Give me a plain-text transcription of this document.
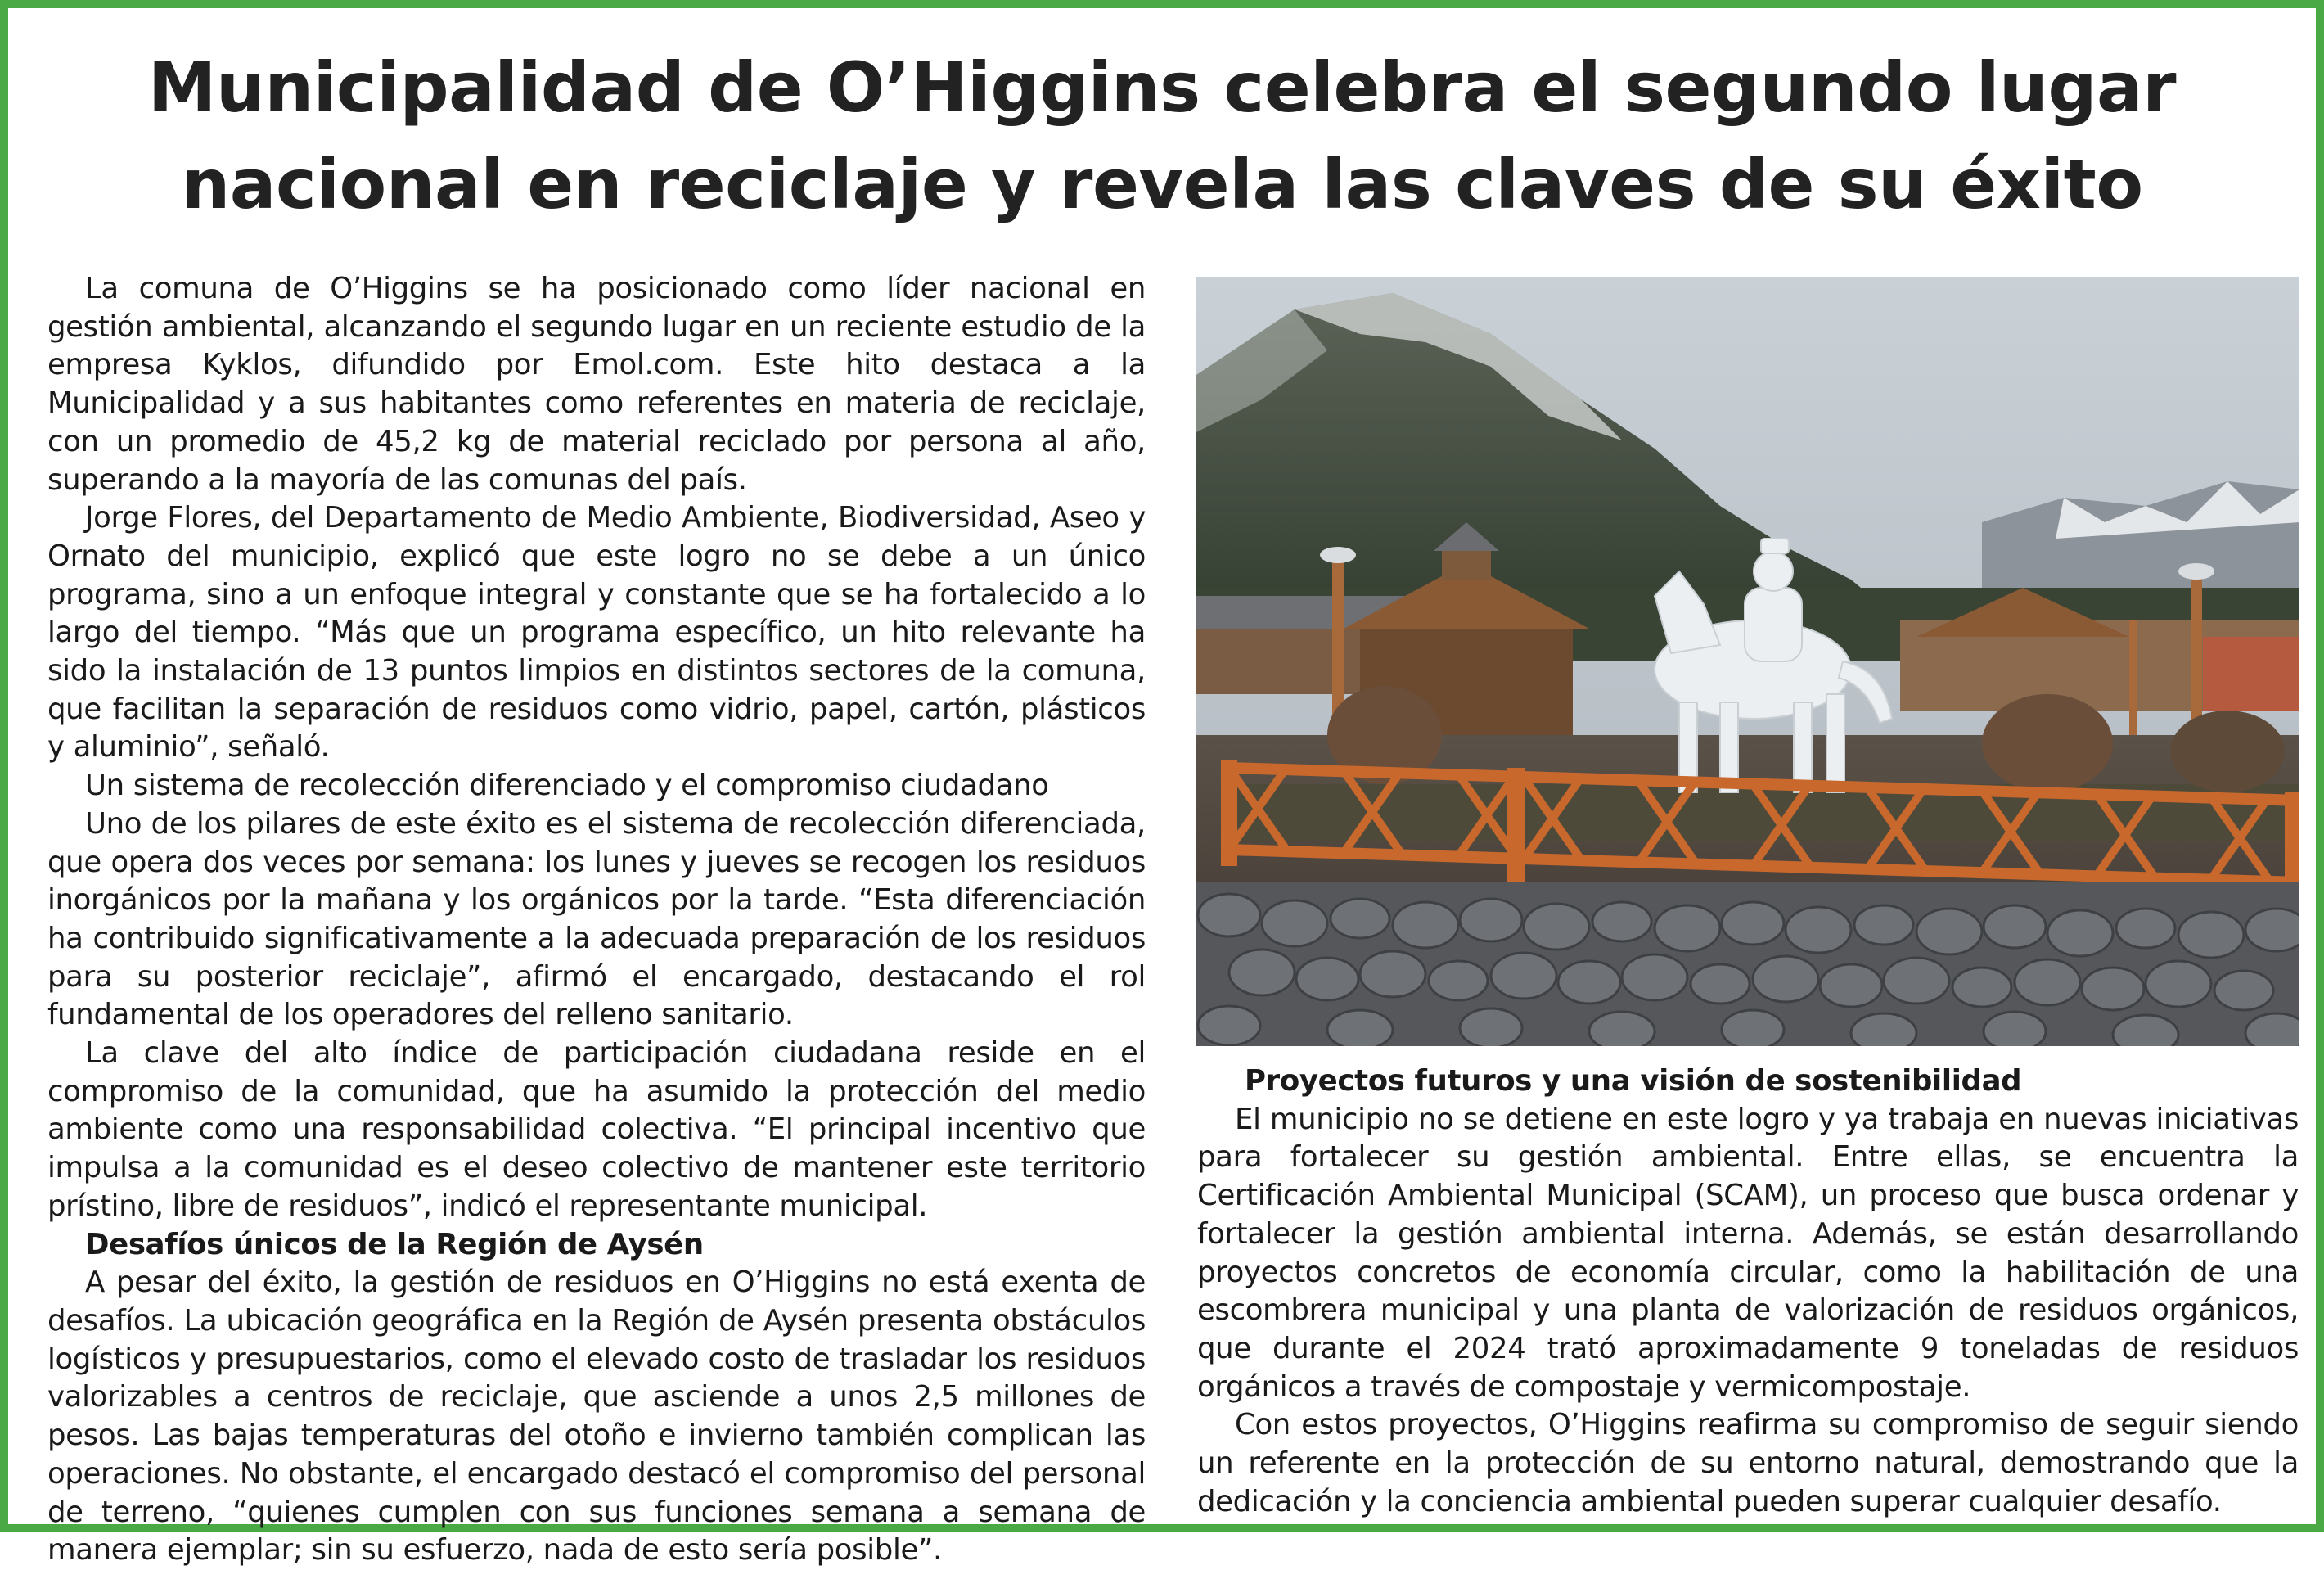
Municipalidad de O’Higgins celebra el segundo lugar nacional en reciclaje y revela las claves de su éxito

La comuna de O’Higgins se ha posicionado como líder nacional en gestión ambiental, alcanzando el segundo lugar en un reciente estudio de la empresa Kyklos, difundido por Emol.com. Este hito destaca a la Municipalidad y a sus habitantes como referentes en materia de reciclaje, con un promedio de 45,2 kg de material reciclado por persona al año, superando a la mayoría de las comunas del país.

Jorge Flores, del Departamento de Medio Ambiente, Biodiversidad, Aseo y Ornato del municipio, explicó que este logro no se debe a un único programa, sino a un enfoque integral y constante que se ha fortalecido a lo largo del tiempo. “Más que un programa específico, un hito relevante ha sido la instalación de 13 puntos limpios en distintos sectores de la comuna, que facilitan la separación de residuos como vidrio, papel, cartón, plásticos y aluminio”, señaló.

Un sistema de recolección diferenciado y el compromiso ciudadano

Uno de los pilares de este éxito es el sistema de recolección diferenciada, que opera dos veces por semana: los lunes y jueves se recogen los residuos inorgánicos por la mañana y los orgánicos por la tarde. “Esta diferenciación ha contribuido significativamente a la adecuada preparación de los residuos para su posterior reciclaje”, afirmó el encargado, destacando el rol fundamental de los operadores del relleno sanitario.

La clave del alto índice de participación ciudadana reside en el compromiso de la comunidad, que ha asumido la protección del medio ambiente como una responsabilidad colectiva. “El principal incentivo que impulsa a la comunidad es el deseo colectivo de mantener este territorio prístino, libre de residuos”, indicó el representante municipal.

Desafíos únicos de la Región de Aysén

A pesar del éxito, la gestión de residuos en O’Higgins no está exenta de desafíos. La ubicación geográfica en la Región de Aysén presenta obstáculos logísticos y presupuestarios, como el elevado costo de trasladar los residuos valorizables a centros de reciclaje, que asciende a unos 2,5 millones de pesos. Las bajas temperaturas del otoño e invierno también complican las operaciones. No obstante, el encargado destacó el compromiso del personal de terreno, “quienes cumplen con sus funciones semana a semana de manera ejemplar; sin su esfuerzo, nada de esto sería posible”.

Proyectos futuros y una visión de sostenibilidad

El municipio no se detiene en este logro y ya trabaja en nuevas iniciativas para fortalecer su gestión ambiental. Entre ellas, se encuentra la Certificación Ambiental Municipal (SCAM), un proceso que busca ordenar y fortalecer la gestión ambiental interna. Además, se están desarrollando proyectos concretos de economía circular, como la habilitación de una escombrera municipal y una planta de valorización de residuos orgánicos, que durante el 2024 trató aproximadamente 9 toneladas de residuos orgánicos a través de compostaje y vermicompostaje.

Con estos proyectos, O’Higgins reafirma su compromiso de seguir siendo un referente en la protección de su entorno natural, demostrando que la dedicación y la conciencia ambiental pueden superar cualquier desafío.
